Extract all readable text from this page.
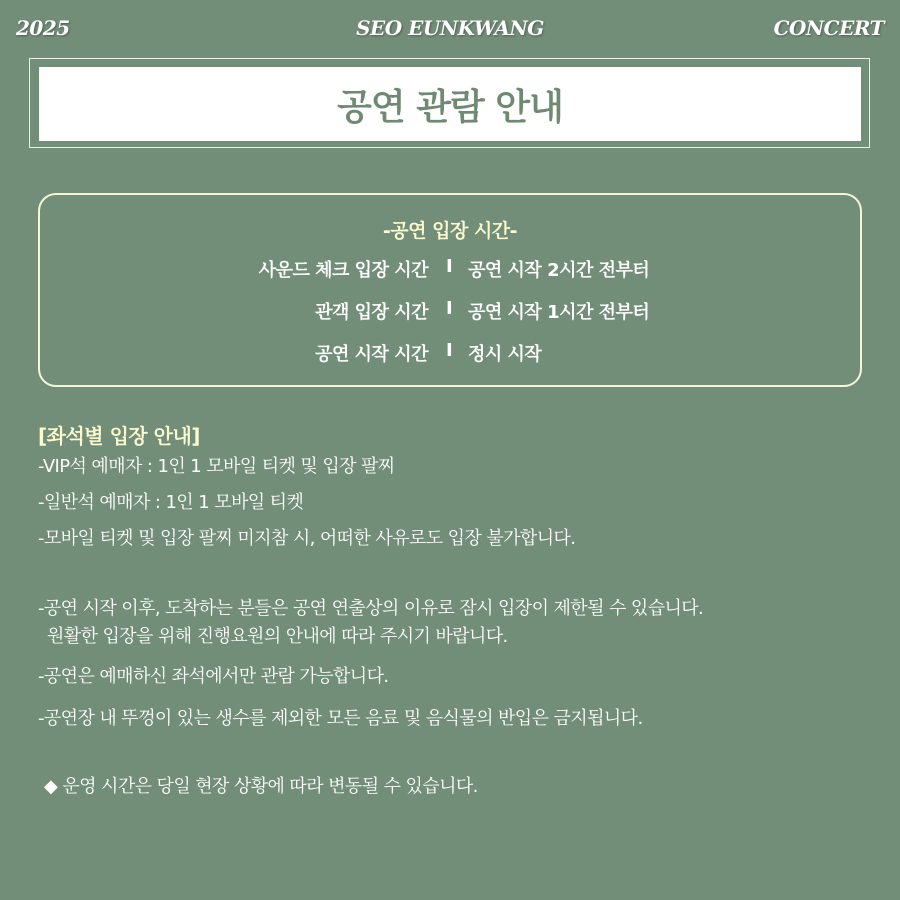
2025	SEO EUNKWANG	CONCERT
공연 관람 안내
-공연 입장 시간-
사운드 체크 입장 시간 I 공연 시작 2시간 전부터
관객 입장 시간 I 공연 시작 1시간 전부터
공연 시작 시간 I 정시 시작
[좌석별 입장 안내]
-VIP석 예매자 : 1인 1 모바일 티켓 및 입장 팔찌
-일반석 예매자 : 1인 1 모바일 티켓
-모바일 티켓 및 입장 팔찌 미지참 시, 어떠한 사유로도 입장 불가합니다.
-공연 시작 이후, 도착하는 분들은 공연 연출상의 이유로 잠시 입장이 제한될 수 있습니다.
원활한 입장을 위해 진행요원의 안내에 따라 주시기 바랍니다.
-공연은 예매하신 좌석에서만 관람 가능합니다.
-공연장 내 뚜껑이 있는 생수를 제외한 모든 음료 및 음식물의 반입은 금지됩니다.
◆ 운영 시간은 당일 현장 상황에 따라 변동될 수 있습니다.
